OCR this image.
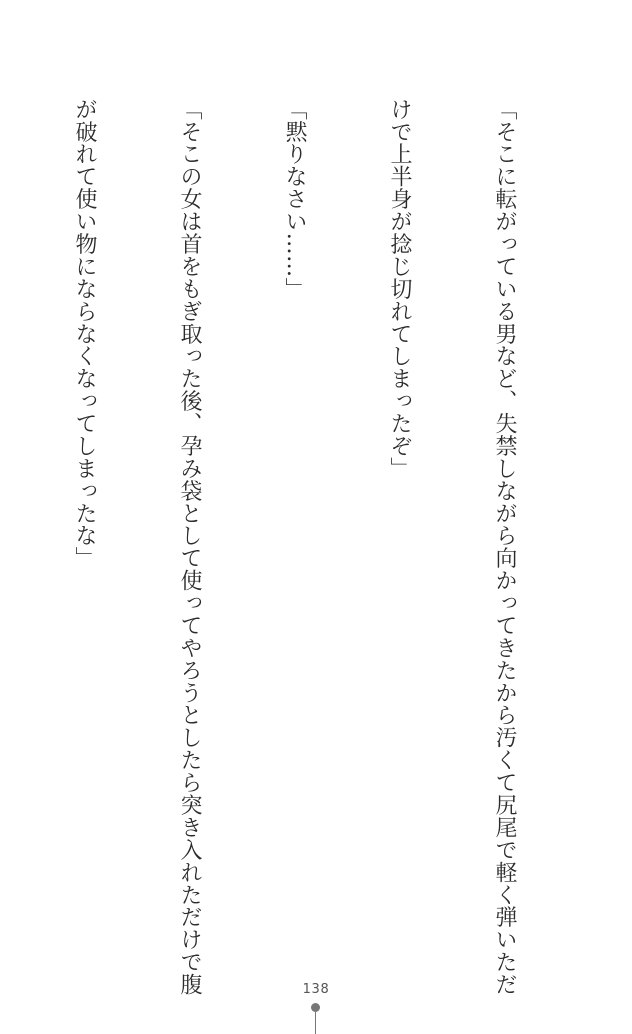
「そこに転がっている男など、失禁しながら向かってきたから汚くて尻尾で軽く弾いただ

けで上半身が捻じ切れてしまったぞ」

「黙りなさい……」

「そこの女は首をもぎ取った後、孕み袋として使ってやろうとしたら突き入れただけで腹

が破れて使い物にならなくなってしまったな」

138
